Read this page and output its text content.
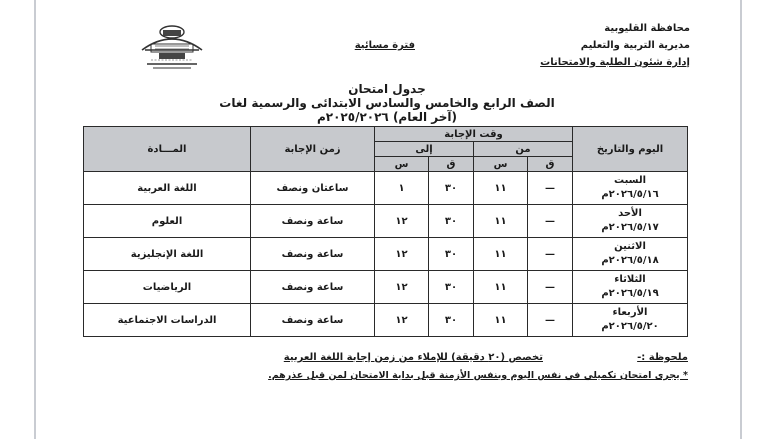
محافظة القليوبية
مديرية التربية والتعليم
إدارة شئون الطلبة والامتحانات
فترة مسائية
جدول امتحان
الصف الرابع والخامس والسادس الابتدائى والرسمية لغات
(آخر العام) ٢٠٢٥/٢٠٢٦م
اليوم والتاريخ	وقت الإجابة				زمن الإجابة	المـــادة
	من		إلى			
	ق	س	ق	س		

السبت
٢٠٢٦/٥/١٦م	—	١١	٣٠	١	ساعتان ونصف	اللغة العربية

الأحد
٢٠٢٦/٥/١٧م	—	١١	٣٠	١٢	ساعة ونصف	العلوم

الاثنين
٢٠٢٦/٥/١٨م	—	١١	٣٠	١٢	ساعة ونصف	اللغة الإنجليزية

الثلاثاء
٢٠٢٦/٥/١٩م	—	١١	٣٠	١٢	ساعة ونصف	الرياضيات

الأربعاء
٢٠٢٦/٥/٢٠م	—	١١	٣٠	١٢	ساعة ونصف	الدراسات الاجتماعية
ملحوظة :-
تخصص (٢٠ دقيقة) للإملاء من زمن إجابة اللغة العربية
* يجرى امتحان تكميلي في نفس اليوم وبنفس الأزمنة قبل بداية الامتحان لمن قبل عذرهم.
